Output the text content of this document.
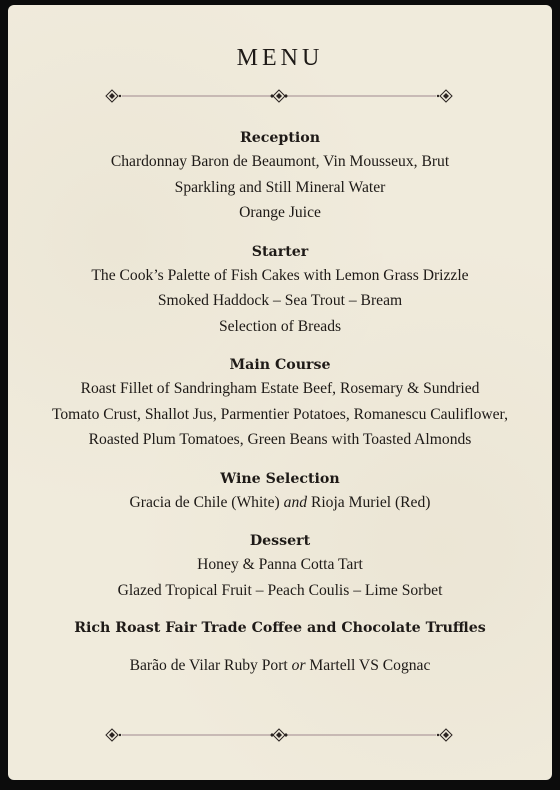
MENU

Reception

Chardonnay Baron de Beaumont, Vin Mousseux, Brut

Sparkling and Still Mineral Water

Orange Juice

Starter

The Cook’s Palette of Fish Cakes with Lemon Grass Drizzle

Smoked Haddock – Sea Trout – Bream

Selection of Breads

Main Course

Roast Fillet of Sandringham Estate Beef, Rosemary & Sundried

Tomato Crust, Shallot Jus, Parmentier Potatoes, Romanescu Cauliflower,

Roasted Plum Tomatoes, Green Beans with Toasted Almonds

Wine Selection

Gracia de Chile (White) and Rioja Muriel (Red)

Dessert

Honey & Panna Cotta Tart

Glazed Tropical Fruit – Peach Coulis – Lime Sorbet

Rich Roast Fair Trade Coffee and Chocolate Truffles

Barão de Vilar Ruby Port or Martell VS Cognac
